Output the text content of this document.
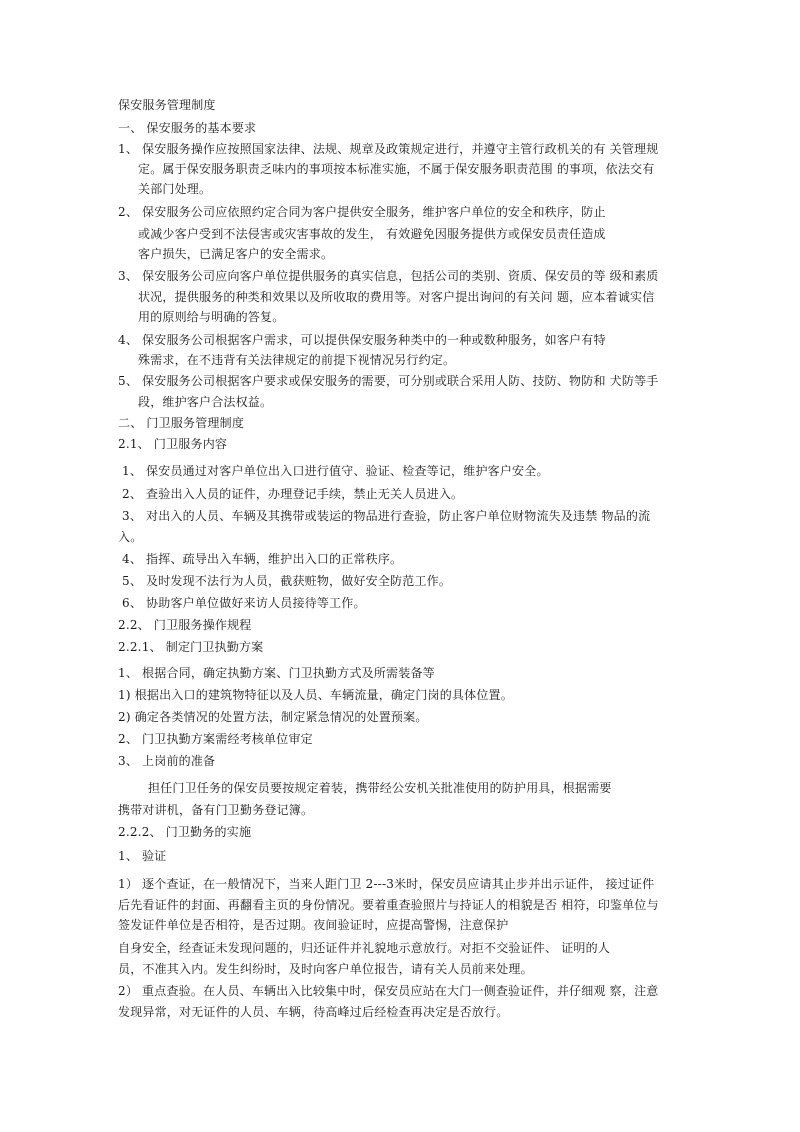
保安服务管理制度
一、 保安服务的基本要求
1、 保安服务操作应按照国家法律、法规、规章及政策规定进行，并遵守主管行政机关的有 关管理规
定。属于保安服务职责乏味内的事项按本标准实施，不属于保安服务职责范围 的事项，依法交有
关部门处理。
2、 保安服务公司应依照约定合同为客户提供安全服务，维护客户单位的安全和秩序，防止
或减少客户受到不法侵害或灾害事故的发生， 有效避免因服务提供方或保安员责任造成
客户损失，已满足客户的安全需求。
3、 保安服务公司应向客户单位提供服务的真实信息，包括公司的类别、资质、保安员的等 级和素质
状况，提供服务的种类和效果以及所收取的费用等。对客户提出询问的有关问 题，应本着诚实信
用的原则给与明确的答复。
4、 保安服务公司根据客户需求，可以提供保安服务种类中的一种或数种服务，如客户有特
殊需求，在不违背有关法律规定的前提下视情况另行约定。
5、 保安服务公司根据客户要求或保安服务的需要，可分别或联合采用人防、技防、物防和 犬防等手
段，维护客户合法权益。
二、 门卫服务管理制度
2.1、 门卫服务内容
1、 保安员通过对客户单位出入口进行值守、验证、检查等记，维护客户安全。
2、 查验出入人员的证件，办理登记手续，禁止无关人员进入。
3、 对出入的人员、车辆及其携带或装运的物品进行查验，防止客户单位财物流失及违禁 物品的流
入。
4、 指挥、疏导出入车辆，维护出入口的正常秩序。
5、 及时发现不法行为人员，截获赃物，做好安全防范工作。
6、 协助客户单位做好来访人员接待等工作。
2.2、 门卫服务操作规程
2.2.1、 制定门卫执勤方案
1、 根据合同，确定执勤方案、门卫执勤方式及所需装备等
1) 根据出入口的建筑物特征以及人员、车辆流量，确定门岗的具体位置。
2) 确定各类情况的处置方法，制定紧急情况的处置预案。
2、 门卫执勤方案需经考核单位审定
3、 上岗前的准备
担任门卫任务的保安员要按规定着装，携带经公安机关批准使用的防护用具，根据需要
携带对讲机，备有门卫勤务登记簿。
2.2.2、 门卫勤务的实施
1、 验证
1） 逐个查证，在一般情况下，当来人距门卫 2---3米时，保安员应请其止步并出示证件， 接过证件
后先看证件的封面、再翻看主页的身份情况。要着重查验照片与持证人的相貌是否 相符，印鉴单位与
签发证件单位是否相符，是否过期。夜间验证时，应提高警惕，注意保护
自身安全，经查证未发现问题的，归还证件并礼貌地示意放行。对拒不交验证件、 证明的人
员，不准其入内。发生纠纷时，及时向客户单位报告，请有关人员前来处理。
2） 重点查验。在人员、车辆出入比较集中时，保安员应站在大门一侧查验证件，并仔细观 察，注意
发现异常，对无证件的人员、车辆，待高峰过后经检查再决定是否放行。
